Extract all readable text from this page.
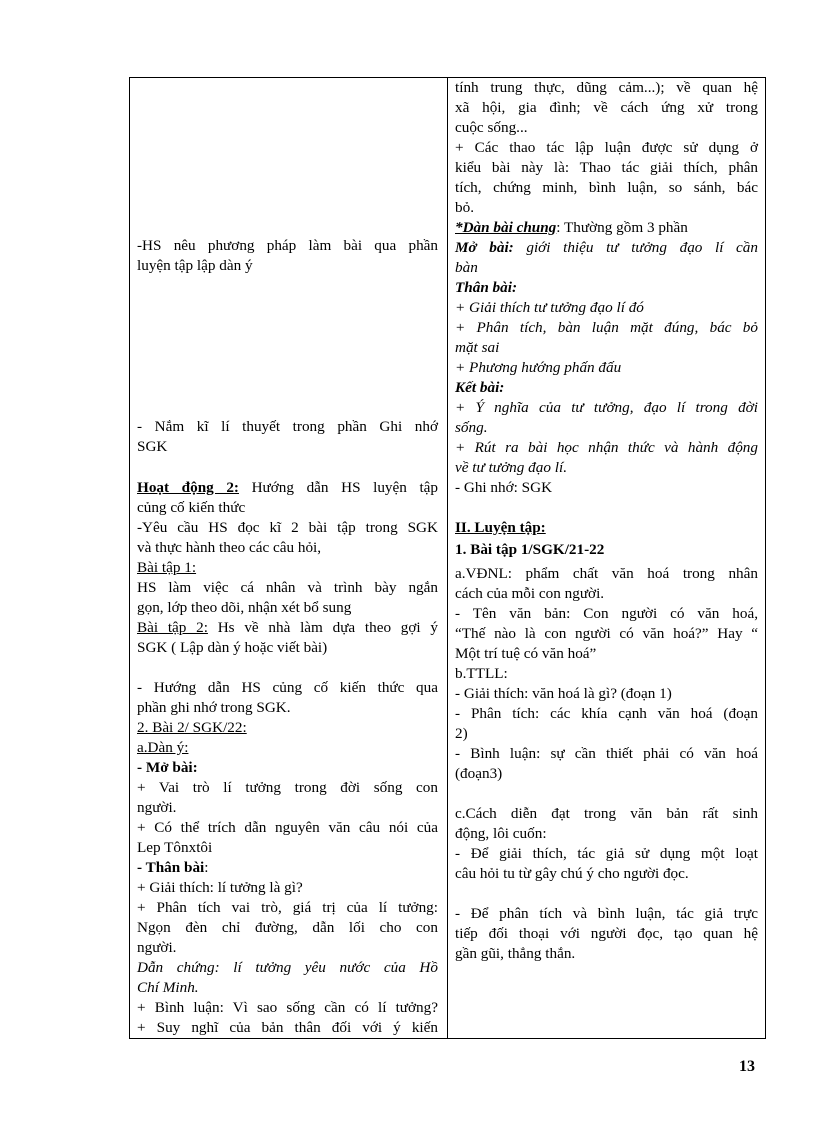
-HS nêu phương pháp làm bài qua phần
luyện tập lập dàn ý
- Nắm kĩ lí thuyết trong phần Ghi nhớ
SGK
Hoạt động 2: Hướng dẫn HS luyện tập
củng cố kiến thức
-Yêu cầu HS đọc kĩ 2 bài tập trong SGK
và thực hành theo các câu hỏi,
Bài tập 1:
HS làm việc cá nhân và trình bày ngắn
gọn, lớp theo dõi, nhận xét bổ sung
Bài tập 2: Hs về nhà làm dựa theo gợi ý
SGK ( Lập dàn ý hoặc viết bài)
- Hướng dẫn HS củng cố kiến thức qua
phần ghi nhớ trong SGK.
2. Bài 2/ SGK/22:
a.Dàn ý:
- Mở bài:
+ Vai trò lí tưởng trong đời sống con
người.
+ Có thể trích dẫn nguyên văn câu nói của
Lep Tônxtôi
- Thân bài:
+ Giải thích: lí tưởng là gì?
+ Phân tích vai trò, giá trị của lí tưởng:
Ngọn đèn chỉ đường, dẫn lối cho con
người.
Dẫn chứng: lí tưởng yêu nước của Hồ
Chí Minh.
+ Bình luận: Vì sao sống cần có lí tưởng?
+ Suy nghĩ của bản thân đối với ý kiến
tính trung thực, dũng cảm...); về quan hệ
xã hội, gia đình; về cách ứng xử trong
cuộc sống...
+ Các thao tác lập luận được sử dụng ở
kiểu bài này là: Thao tác giải thích, phân
tích, chứng minh, bình luận, so sánh, bác
bỏ.
*Dàn bài chung: Thường gồm 3 phần
Mở bài: giới thiệu tư tưởng đạo lí cần
bàn
Thân bài:
+ Giải thích tư tưởng đạo lí đó
+ Phân tích, bàn luận mặt đúng, bác bỏ
mặt sai
+ Phương hướng phấn đấu
Kết bài:
+ Ý nghĩa của tư tưởng, đạo lí trong đời
sống.
+ Rút ra bài học nhận thức và hành động
về tư tưởng đạo lí.
- Ghi nhớ: SGK
II. Luyện tập:
1. Bài tập 1/SGK/21-22
a.VĐNL: phẩm chất văn hoá trong nhân
cách của mỗi con người.
- Tên văn bản: Con người có văn hoá,
“Thế nào là con người có văn hoá?” Hay “
Một trí tuệ có văn hoá”
b.TTLL:
- Giải thích: văn hoá là gì? (đoạn 1)
- Phân tích: các khía cạnh văn hoá (đoạn
2)
- Bình luận: sự cần thiết phải có văn hoá
(đoạn3)
c.Cách diễn đạt trong văn bản rất sinh
động, lôi cuốn:
- Để giải thích, tác giả sử dụng một loạt
câu hỏi tu từ gây chú ý cho người đọc.
- Để phân tích và bình luận, tác giả trực
tiếp đối thoại với người đọc, tạo quan hệ
gần gũi, thẳng thắn.
13
